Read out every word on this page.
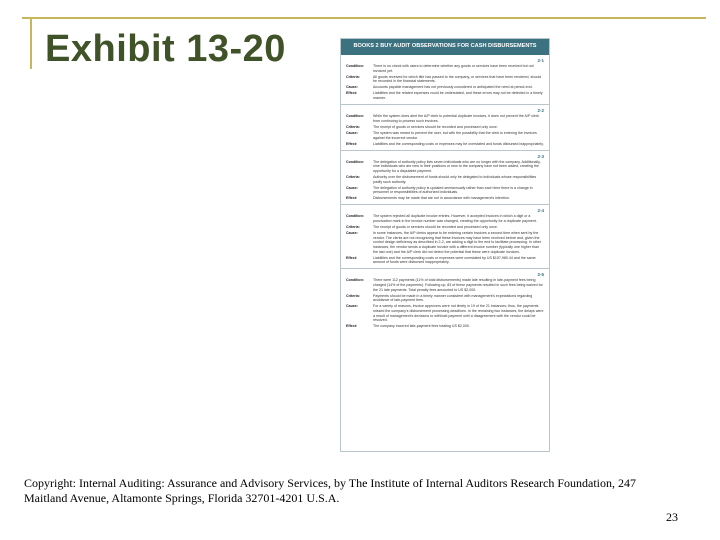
Exhibit 13-20	BOOKS 2 BUY AUDIT OBSERVATIONS FOR CASH DISBURSEMENTS
2-1
Condition:	There is no check with users to determine whether any goods or services have been received but not invoiced yet.
Criteria:	All goods received for which title has passed to the company, or services that have been rendered, should be recorded in the financial statements.
Cause:	Accounts payable management has not previously considered or anticipated the need at period-end.
Effect:	Liabilities and the related expenses could be understated, and these errors may not be detected in a timely manner.
2-2
Condition:	While the system does alert the A/P clerk to potential duplicate invoices, it does not prevent the A/P clerk from continuing to process such invoices.
Criteria:	The receipt of goods or services should be recorded and processed only once.
Cause:	The system was meant to prevent the user, but with the possibility that the clerk is entering the invoices against the incorrect vendor.
Effect:	Liabilities and the corresponding costs or expenses may be overstated and funds disbursed inappropriately.
2-3
Condition:	The delegation of authority policy lists seven individuals who are no longer with the company. Additionally, nine individuals who are new in their positions or new to the company have not been added, creating the opportunity for a disputable payment.
Criteria:	Authority over the disbursement of funds should only be delegated to individuals whose responsibilities justify such authority.
Cause:	The delegation of authority policy is updated semiannually rather than each time there is a change in personnel or responsibilities of authorized individuals.
Effect:	Disbursements may be made that are not in accordance with management's intention.
2-4
Condition:	The system rejected all duplicate invoice entries. However, it accepted invoices in which a digit or a punctuation mark in the invoice number was changed, creating the opportunity for a duplicate payment.
Criteria:	The receipt of goods or services should be recorded and processed only once.
Cause:	In some instances, the A/P clerks appear to be entering certain invoices a second time when sent by the vendor. The clerks are not recognizing that these invoices may have been received before and, given the control design deficiency as described in 2-2, are adding a digit to the end to facilitate processing. In other instances, the vendor sends a duplicate invoice with a different invoice number (typically one higher than the last one) and the A/P clerk did not detect the potential that these were duplicate invoices.
Effect:	Liabilities and the corresponding costs or expenses were overstated by US $157,980.44 and the same amount of funds were disbursed inappropriately.
2-5
Condition:	There were 112 payments (11% of total disbursements) made late resulting in late-payment fees being charged (14% of the payments). Following up, 83 of these payments resulted in such fees being waived for the 21 late payments. Total penalty fees amounted to US $2,000.
Criteria:	Payments should be made in a timely manner consistent with management's expectations regarding avoidance of late-payment fees.
Cause:	For a variety of reasons, invoice approvers were not timely in 19 of the 21 instances; thus, the payments missed the company's disbursement processing deadlines. In the remaining two instances, the delays were a result of management's decisions to withhold payment until a disagreement with the vendor could be resolved.
Effect:	The company incurred late-payment fees totaling US $2,000.
Copyright: Internal Auditing: Assurance and Advisory Services, by The Institute of Internal Auditors Research Foundation, 247 Maitland Avenue, Altamonte Springs, Florida 32701-4201 U.S.A.
23
